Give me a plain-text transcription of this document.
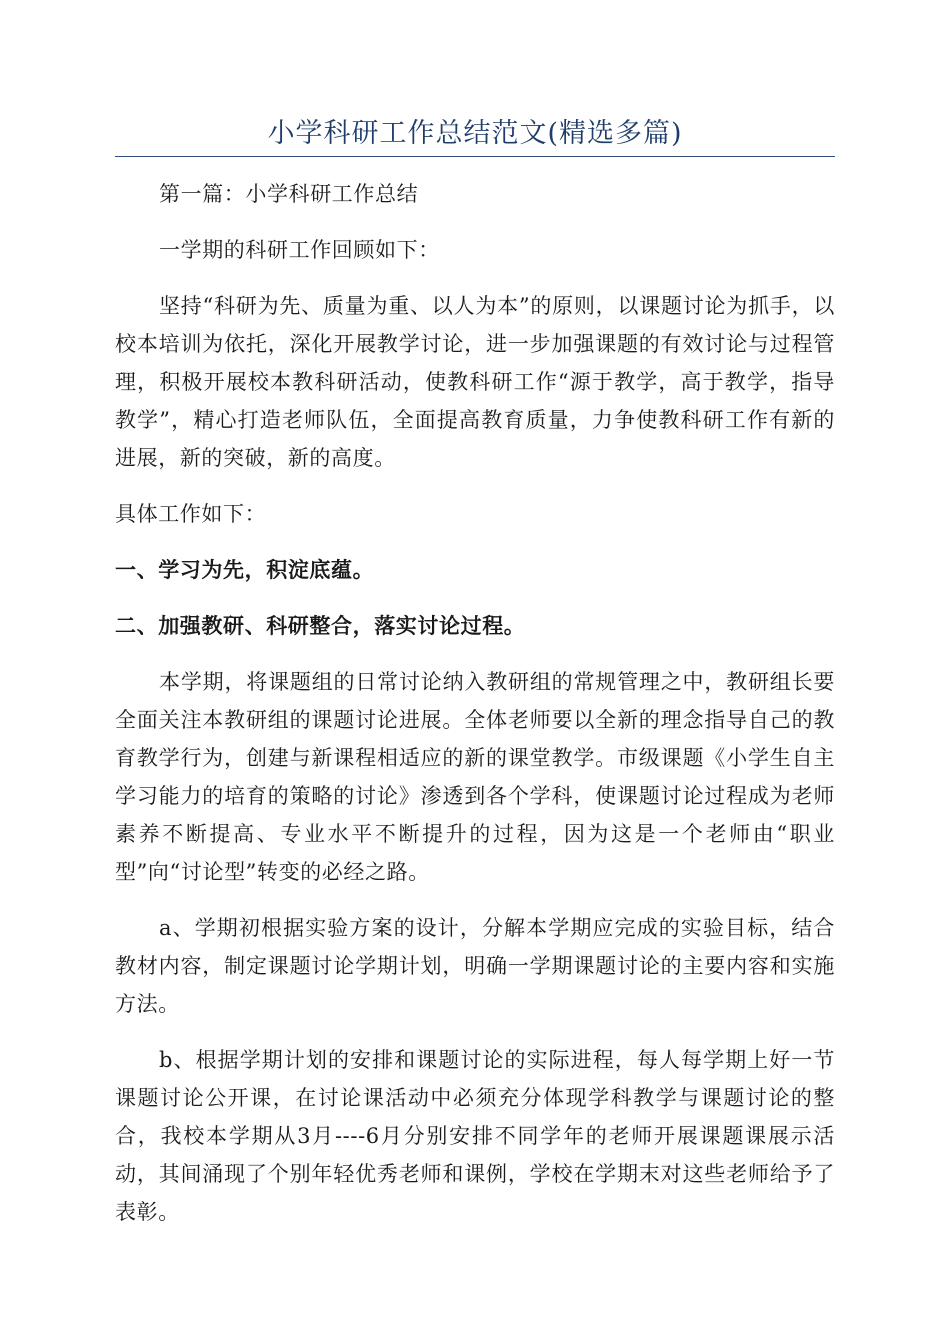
小学科研工作总结范文(精选多篇)

第一篇：小学科研工作总结

一学期的科研工作回顾如下：

坚持“科研为先、质量为重、以人为本”的原则，以课题讨论为抓手，以校本培训为依托，深化开展教学讨论，进一步加强课题的有效讨论与过程管理，积极开展校本教科研活动，使教科研工作“源于教学，高于教学，指导教学”，精心打造老师队伍，全面提高教育质量，力争使教科研工作有新的进展，新的突破，新的高度。

具体工作如下：

一、学习为先，积淀底蕴。

二、加强教研、科研整合，落实讨论过程。

本学期，将课题组的日常讨论纳入教研组的常规管理之中，教研组长要全面关注本教研组的课题讨论进展。全体老师要以全新的理念指导自己的教育教学行为，创建与新课程相适应的新的课堂教学。市级课题《小学生自主学习能力的培育的策略的讨论》渗透到各个学科，使课题讨论过程成为老师素养不断提高、专业水平不断提升的过程，因为这是一个老师由“职业型”向“讨论型”转变的必经之路。

a、学期初根据实验方案的设计，分解本学期应完成的实验目标，结合教材内容，制定课题讨论学期计划，明确一学期课题讨论的主要内容和实施方法。

b、根据学期计划的安排和课题讨论的实际进程，每人每学期上好一节课题讨论公开课，在讨论课活动中必须充分体现学科教学与课题讨论的整合，我校本学期从3月----6月分别安排不同学年的老师开展课题课展示活动，其间涌现了个别年轻优秀老师和课例，学校在学期末对这些老师给予了表彰。
